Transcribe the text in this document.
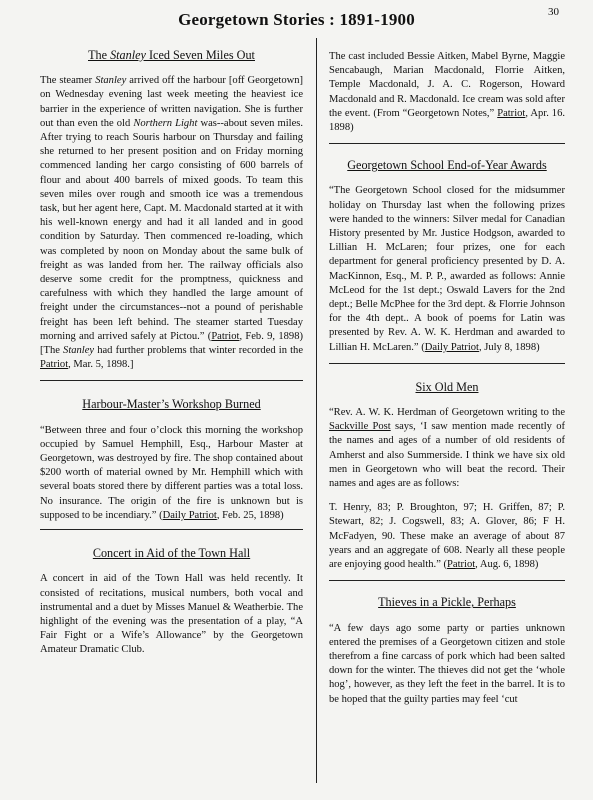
Georgetown Stories : 1891-1900	30
The Stanley Iced Seven Miles Out

The steamer Stanley arrived off the harbour [off Georgetown] on Wednesday evening last week meeting the heaviest ice barrier in the experience of written navigation. She is further out than even the old Northern Light was--about seven miles. After trying to reach Souris harbour on Thursday and failing she returned to her present position and on Friday morning commenced landing her cargo consisting of 600 barrels of flour and about 400 barrels of mixed goods. To team this seven miles over rough and smooth ice was a tremendous task, but her agent here, Capt. M. Macdonald started at it with his well-known energy and had it all landed and in good condition by Saturday. Then commenced re-loading, which was completed by noon on Monday about the same bulk of freight as was landed from her. The railway officials also deserve some credit for the promptness, quickness and carefulness with which they handled the large amount of freight under the circumstances--not a pound of perishable freight has been left behind. The steamer started Tuesday morning and arrived safely at Pictou.” (Patriot, Feb. 9, 1898) [The Stanley had further problems that winter recorded in the Patriot, Mar. 5, 1898.]

Harbour-Master’s Workshop Burned

“Between three and four o’clock this morning the workshop occupied by Samuel Hemphill, Esq., Harbour Master at Georgetown, was destroyed by fire. The shop contained about $200 worth of material owned by Mr. Hemphill which with several boats stored there by different parties was a total loss. No insurance. The origin of the fire is unknown but is supposed to be incendiary.” (Daily Patriot, Feb. 25, 1898)

Concert in Aid of the Town Hall

A concert in aid of the Town Hall was held recently. It consisted of recitations, musical numbers, both vocal and instrumental and a duet by Misses Manuel & Weatherbie. The highlight of the evening was the presentation of a play, “A Fair Fight or a Wife’s Allowance” by the Georgetown Amateur Dramatic Club.

The cast included Bessie Aitken, Mabel Byrne, Maggie Sencabaugh, Marian Macdonald, Florrie Aitken, Temple Macdonald, J. A. C. Rogerson, Howard Macdonald and R. Macdonald. Ice cream was sold after the event. (From “Georgetown Notes,” Patriot, Apr. 16. 1898)

Georgetown School End-of-Year Awards

“The Georgetown School closed for the midsummer holiday on Thursday last when the following prizes were handed to the winners: Silver medal for Canadian History presented by Mr. Justice Hodgson, awarded to Lillian H. McLaren; four prizes, one for each department for general proficiency presented by D. A. MacKinnon, Esq., M. P. P., awarded as follows: Annie McLeod for the 1st dept.; Oswald Lavers for the 2nd dept.; Belle McPhee for the 3rd dept. & Florrie Johnson for the 4th dept.. A book of poems for Latin was presented by Rev. A. W. K. Herdman and awarded to Lillian H. McLaren.” (Daily Patriot, July 8, 1898)

Six Old Men

“Rev. A. W. K. Herdman of Georgetown writing to the Sackville Post says, ‘I saw mention made recently of the names and ages of a number of old residents of Amherst and also Summerside. I think we have six old men in Georgetown who will beat the record. Their names and ages are as follows:

T. Henry, 83; P. Broughton, 97; H. Griffen, 87; P. Stewart, 82; J. Cogswell, 83; A. Glover, 86; F H. McFadyen, 90. These make an average of about 87 years and an aggregate of 608. Nearly all these people are enjoying good health.” (Patriot, Aug. 6, 1898)

Thieves in a Pickle, Perhaps

“A few days ago some party or parties unknown entered the premises of a Georgetown citizen and stole therefrom a fine carcass of pork which had been salted down for the winter. The thieves did not get the ‘whole hog’, however, as they left the feet in the barrel. It is to be hoped that the guilty parties may feel ‘cut
